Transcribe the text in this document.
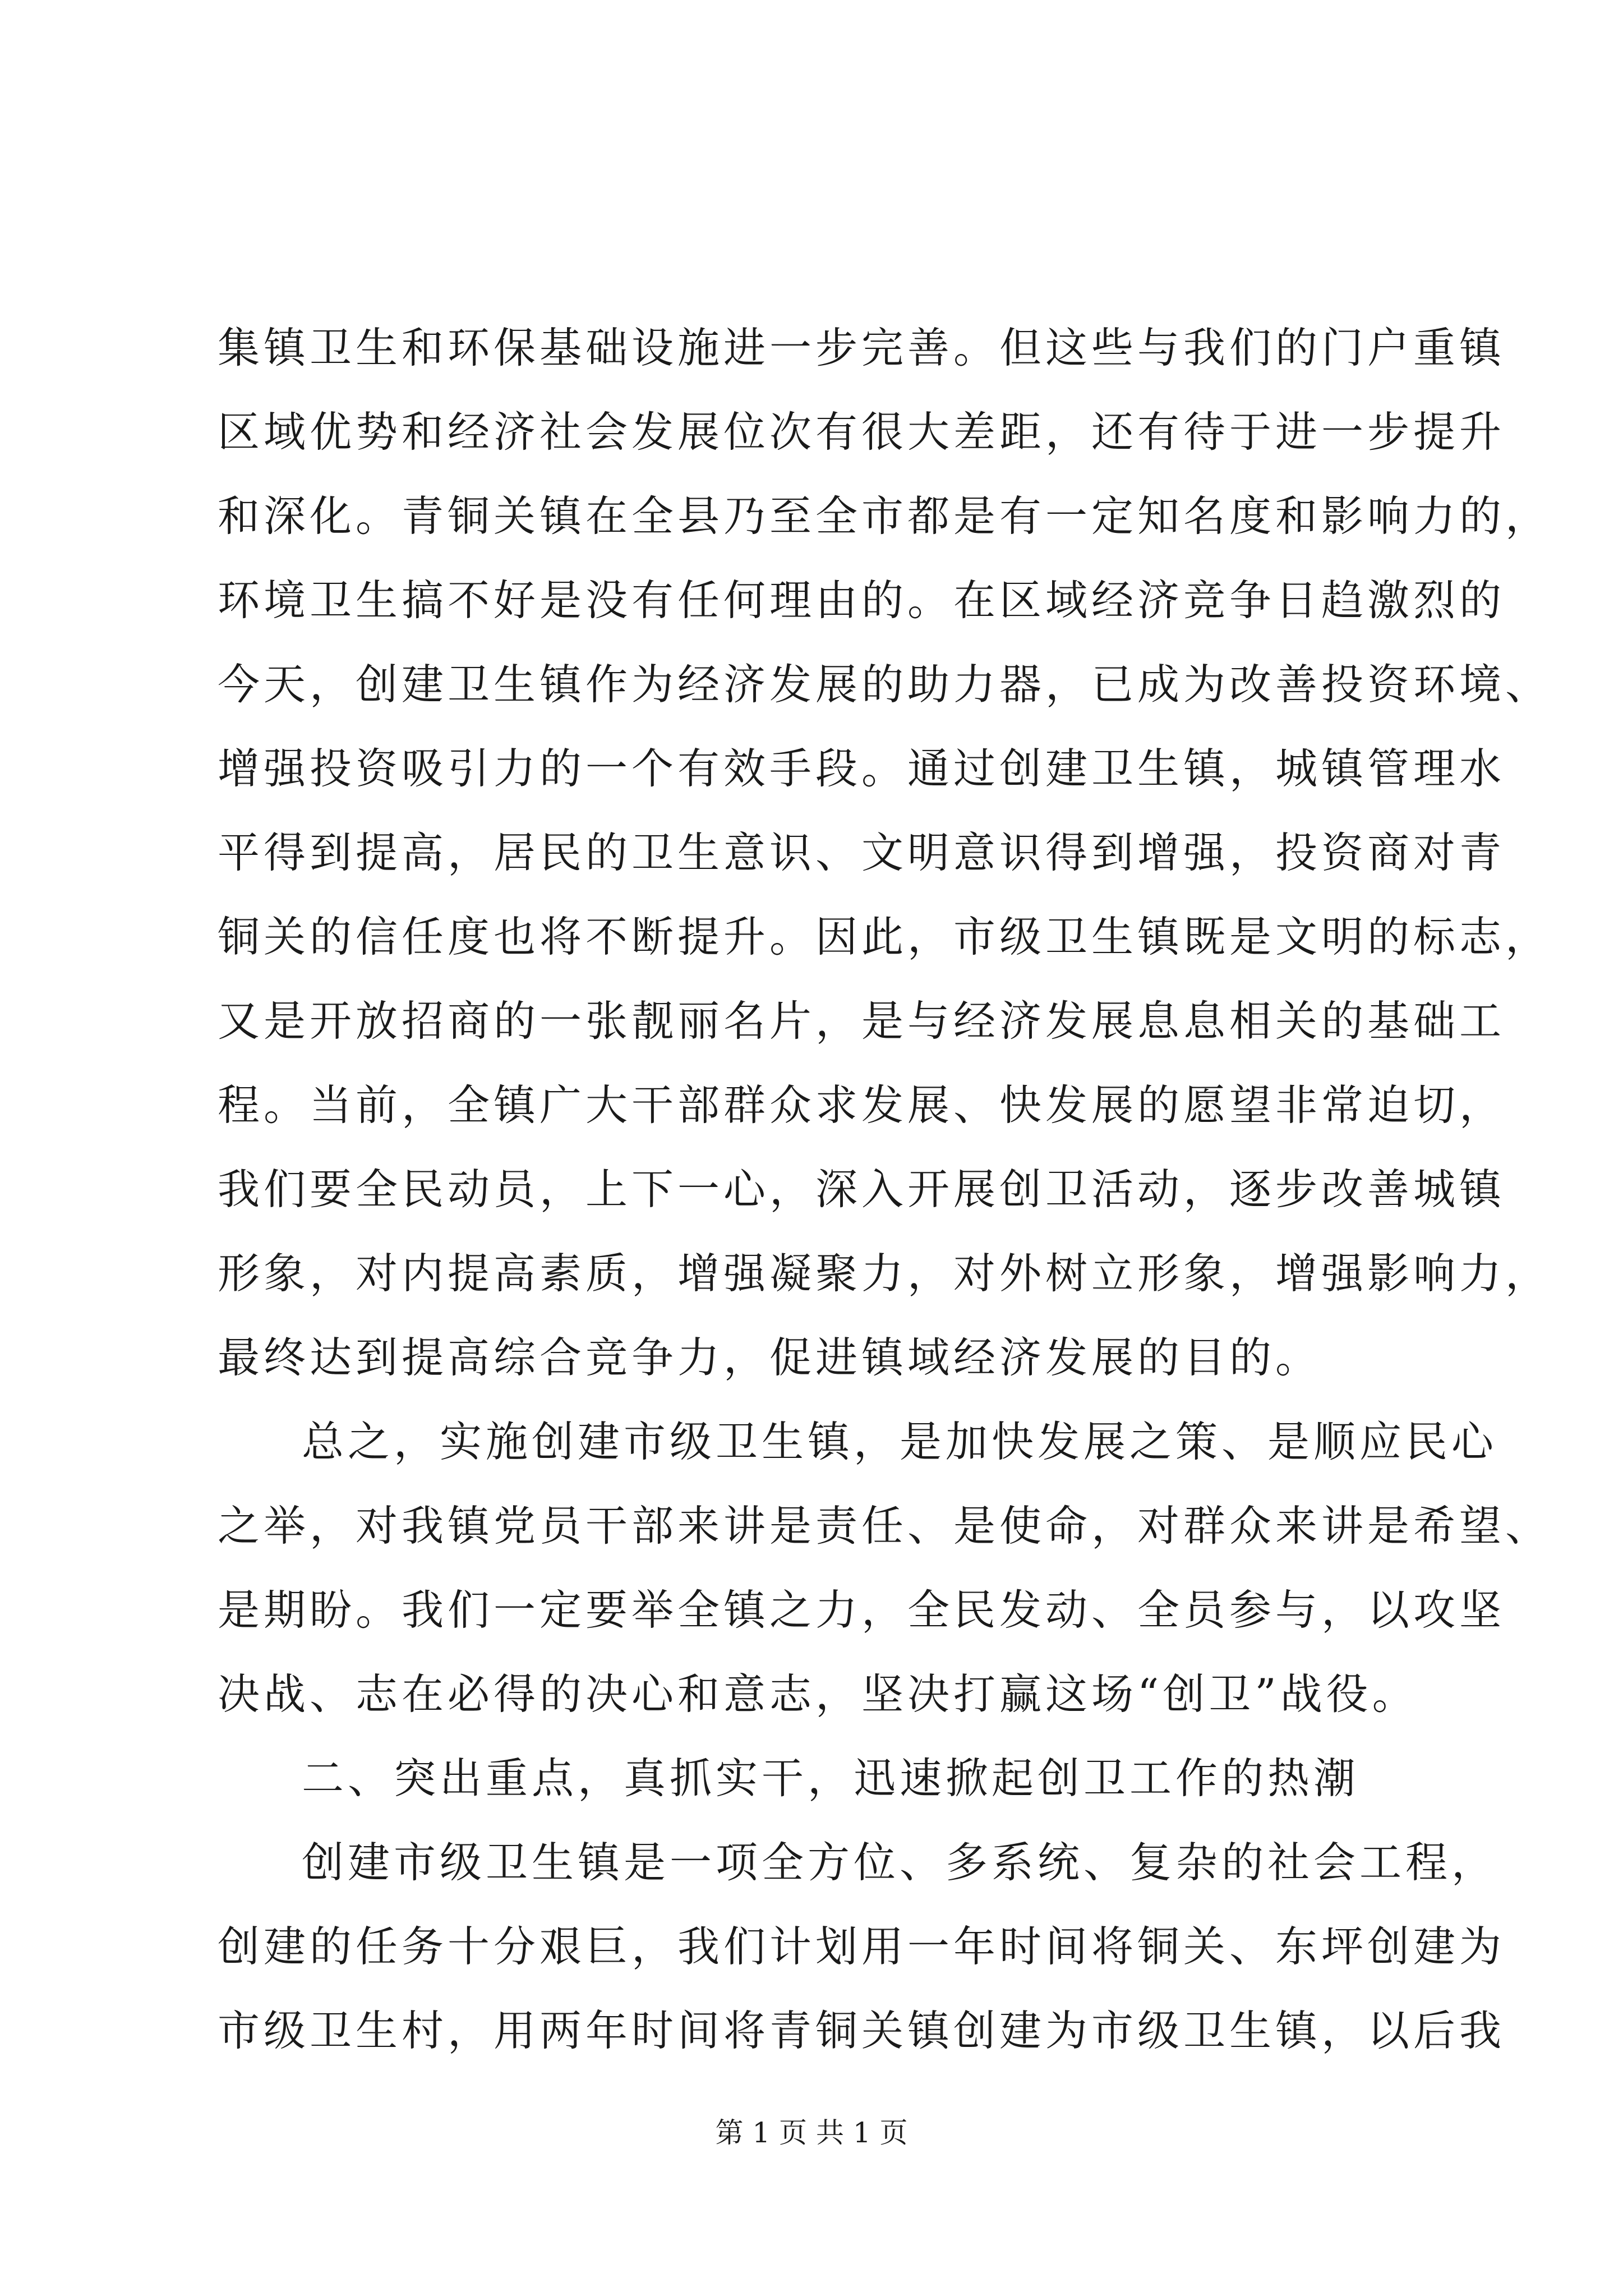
集镇卫生和环保基础设施进一步完善。但这些与我们的门户重镇
区域优势和经济社会发展位次有很大差距，还有待于进一步提升
和深化。青铜关镇在全县乃至全市都是有一定知名度和影响力的，
环境卫生搞不好是没有任何理由的。在区域经济竞争日趋激烈的
今天，创建卫生镇作为经济发展的助力器，已成为改善投资环境、
增强投资吸引力的一个有效手段。通过创建卫生镇，城镇管理水
平得到提高，居民的卫生意识、文明意识得到增强，投资商对青
铜关的信任度也将不断提升。因此，市级卫生镇既是文明的标志，
又是开放招商的一张靓丽名片，是与经济发展息息相关的基础工
程。当前，全镇广大干部群众求发展、快发展的愿望非常迫切，
我们要全民动员，上下一心，深入开展创卫活动，逐步改善城镇
形象，对内提高素质，增强凝聚力，对外树立形象，增强影响力，
最终达到提高综合竞争力，促进镇域经济发展的目的。
总之，实施创建市级卫生镇，是加快发展之策、是顺应民心
之举，对我镇党员干部来讲是责任、是使命，对群众来讲是希望、
是期盼。我们一定要举全镇之力，全民发动、全员参与，以攻坚
决战、志在必得的决心和意志，坚决打赢这场“创卫”战役。
二、突出重点，真抓实干，迅速掀起创卫工作的热潮
创建市级卫生镇是一项全方位、多系统、复杂的社会工程，
创建的任务十分艰巨，我们计划用一年时间将铜关、东坪创建为
市级卫生村，用两年时间将青铜关镇创建为市级卫生镇，以后我
第 1 页 共 1 页
